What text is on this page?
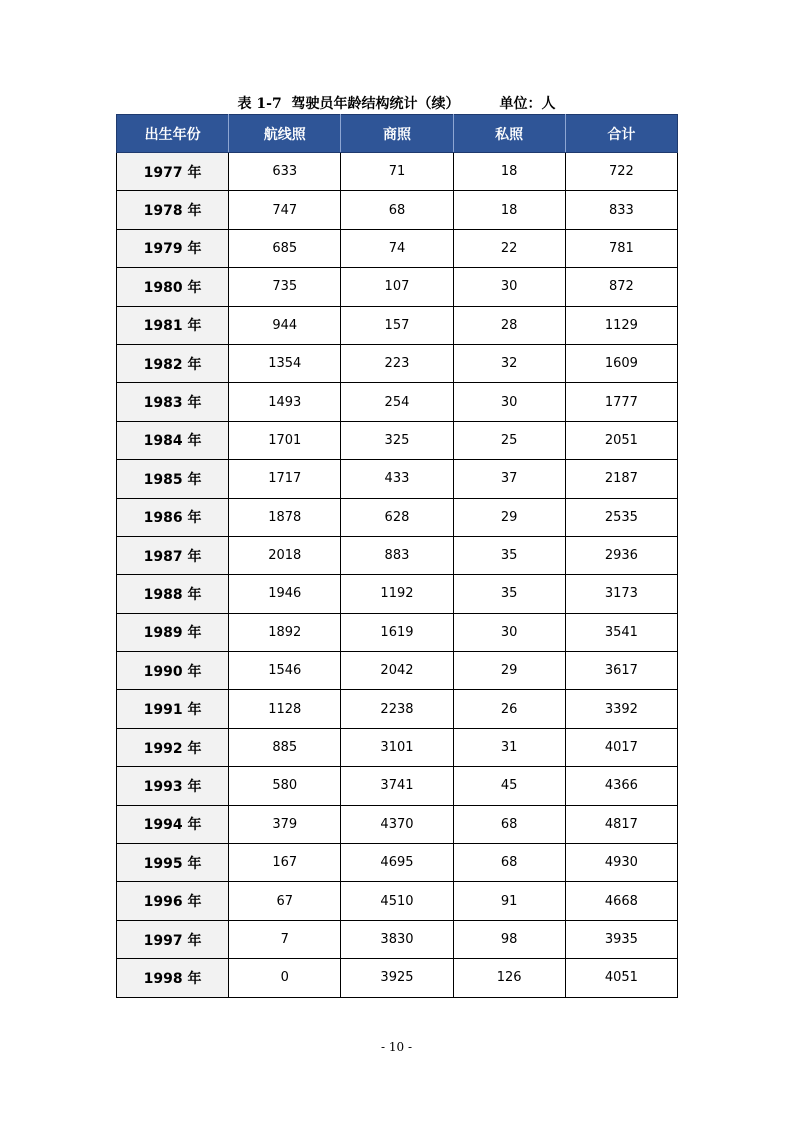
表 1-7  驾驶员年龄结构统计（续）	单位：人
出生年份	航线照	商照	私照	合计
1977 年	633	71	18	722
1978 年	747	68	18	833
1979 年	685	74	22	781
1980 年	735	107	30	872
1981 年	944	157	28	1129
1982 年	1354	223	32	1609
1983 年	1493	254	30	1777
1984 年	1701	325	25	2051
1985 年	1717	433	37	2187
1986 年	1878	628	29	2535
1987 年	2018	883	35	2936
1988 年	1946	1192	35	3173
1989 年	1892	1619	30	3541
1990 年	1546	2042	29	3617
1991 年	1128	2238	26	3392
1992 年	885	3101	31	4017
1993 年	580	3741	45	4366
1994 年	379	4370	68	4817
1995 年	167	4695	68	4930
1996 年	67	4510	91	4668
1997 年	7	3830	98	3935
1998 年	0	3925	126	4051
- 10 -
